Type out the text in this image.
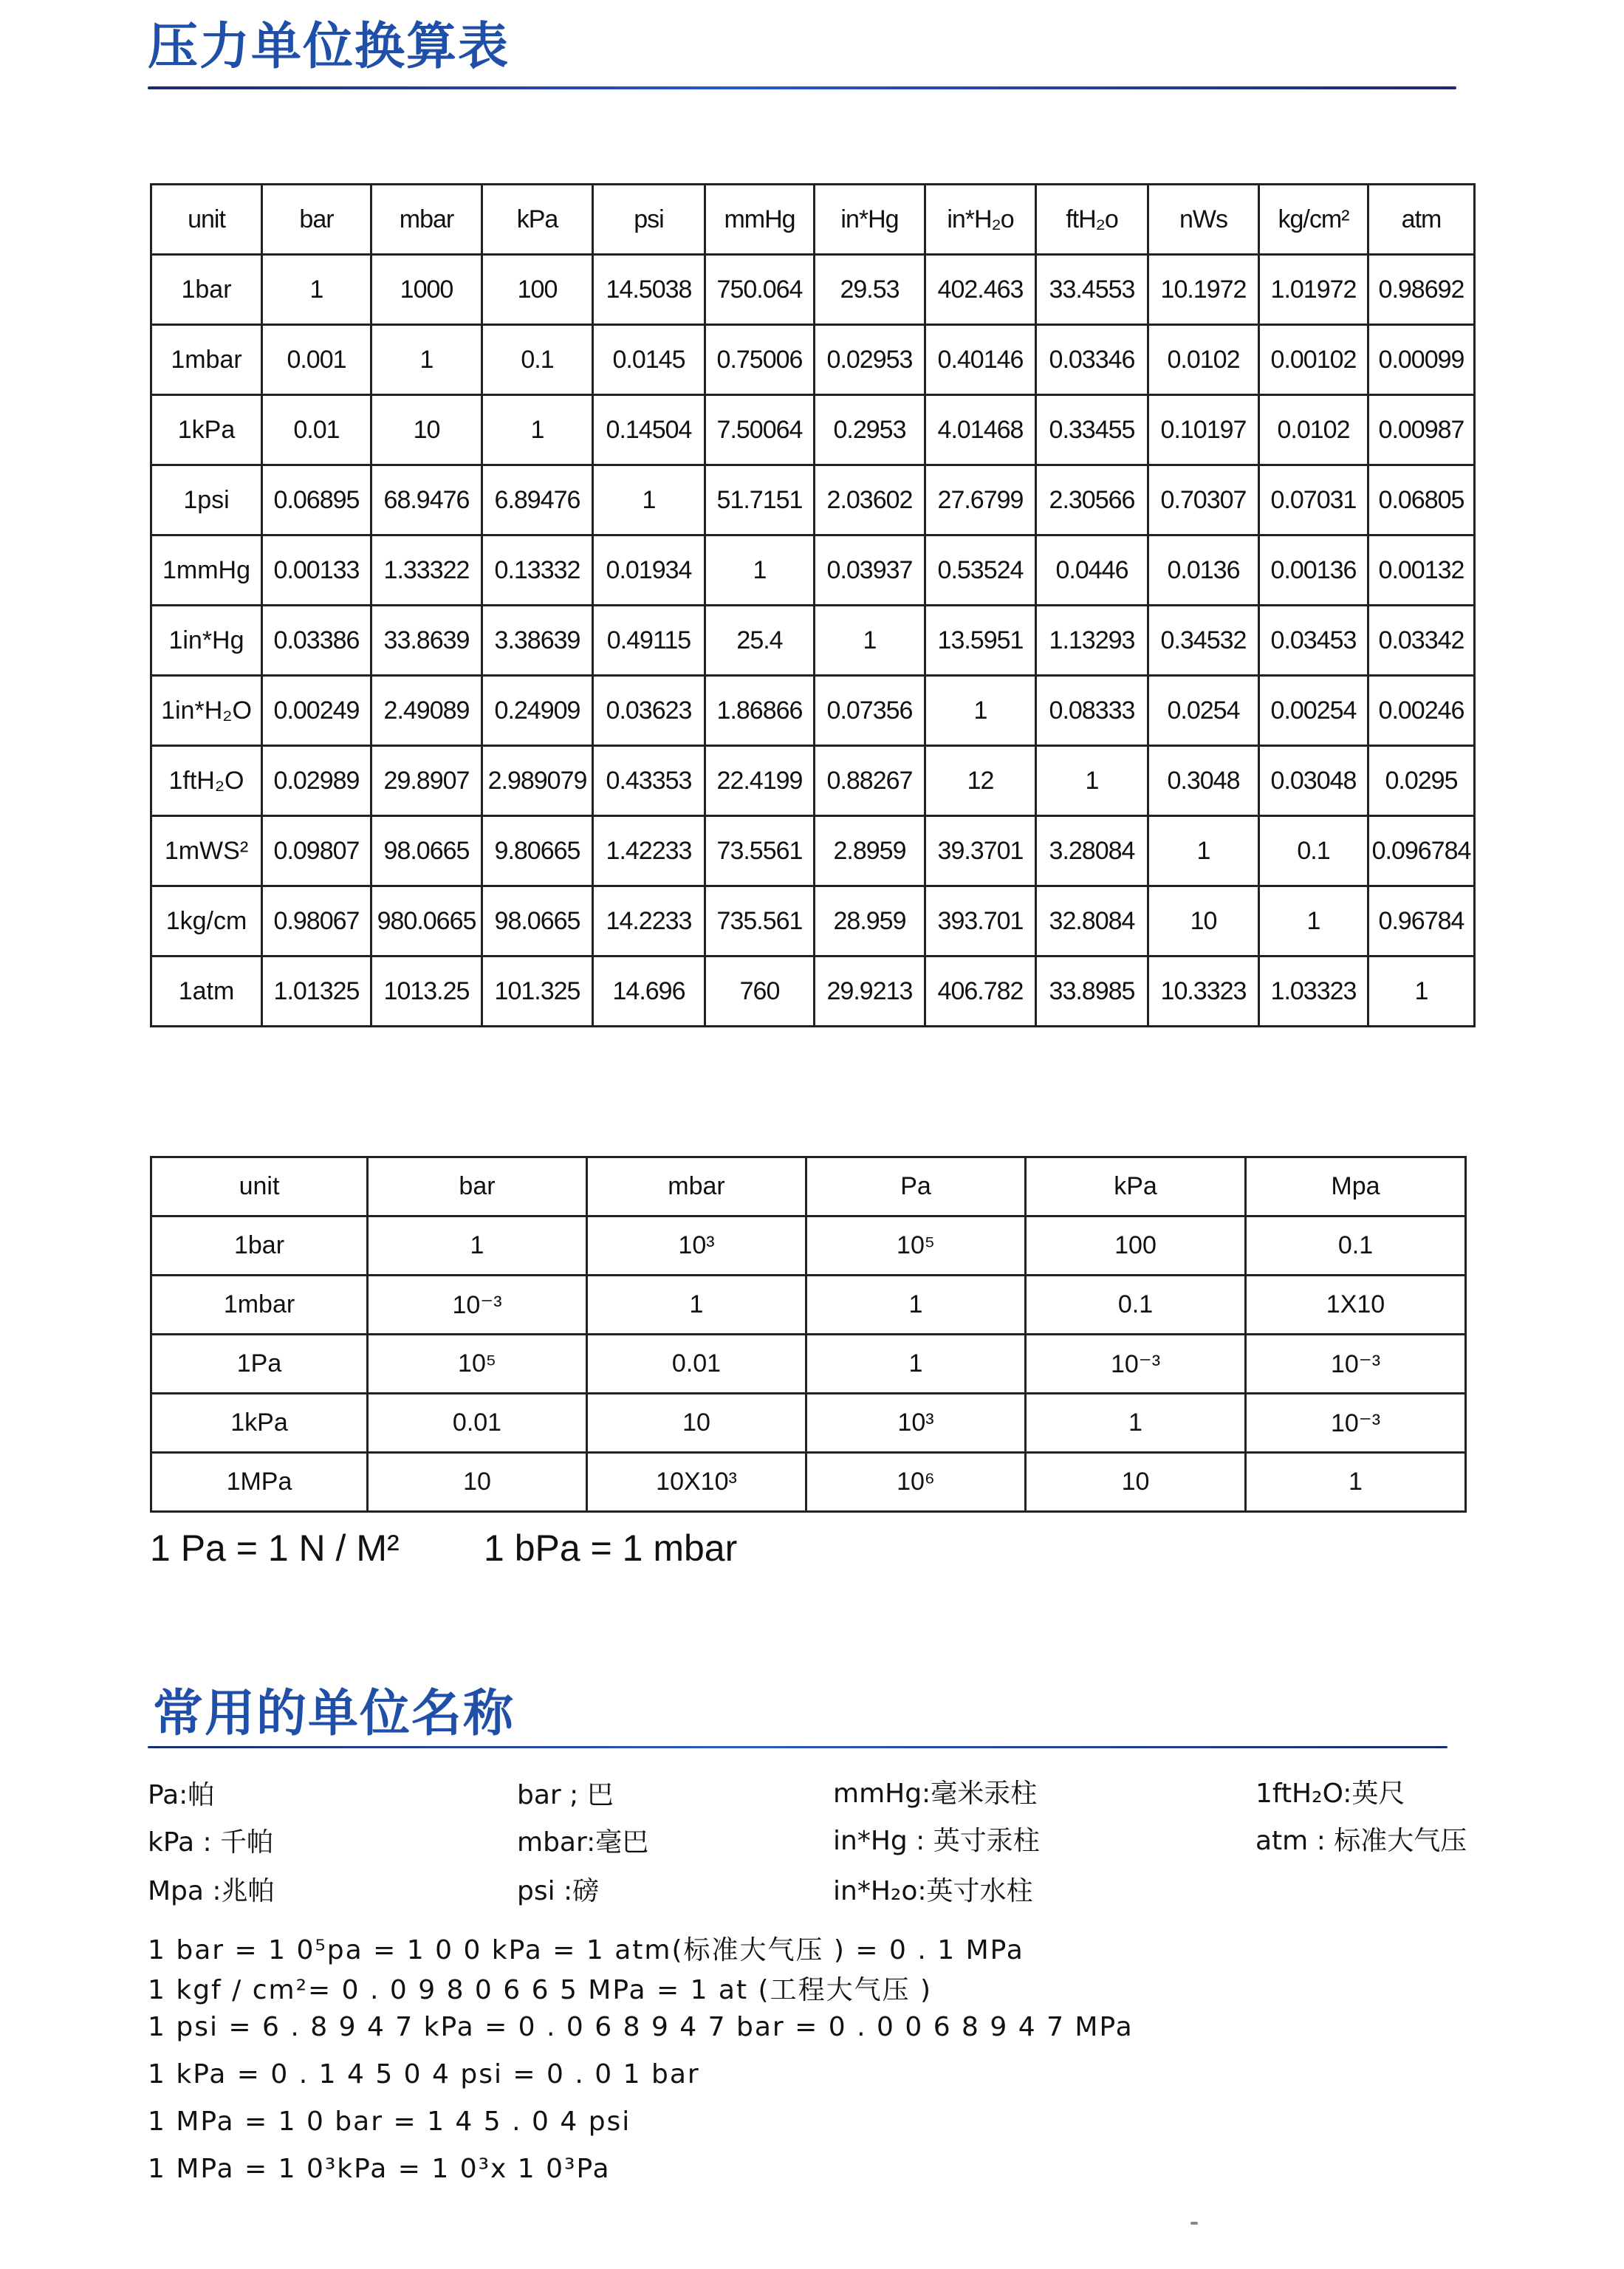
压力单位换算表
unit	bar	mbar	kPa	psi	mmHg	in*Hg	in*H₂o	ftH₂o	nWs	kg/cm²	atm
1bar	1	1000	100	14.5038	750.064	29.53	402.463	33.4553	10.1972	1.01972	0.98692
1mbar	0.001	1	0.1	0.0145	0.75006	0.02953	0.40146	0.03346	0.0102	0.00102	0.00099
1kPa	0.01	10	1	0.14504	7.50064	0.2953	4.01468	0.33455	0.10197	0.0102	0.00987
1psi	0.06895	68.9476	6.89476	1	51.7151	2.03602	27.6799	2.30566	0.70307	0.07031	0.06805
1mmHg	0.00133	1.33322	0.13332	0.01934	1	0.03937	0.53524	0.0446	0.0136	0.00136	0.00132
1in*Hg	0.03386	33.8639	3.38639	0.49115	25.4	1	13.5951	1.13293	0.34532	0.03453	0.03342
1in*H₂O	0.00249	2.49089	0.24909	0.03623	1.86866	0.07356	1	0.08333	0.0254	0.00254	0.00246
1ftH₂O	0.02989	29.8907	2.989079	0.43353	22.4199	0.88267	12	1	0.3048	0.03048	0.0295
1mWS²	0.09807	98.0665	9.80665	1.42233	73.5561	2.8959	39.3701	3.28084	1	0.1	0.096784
1kg/cm	0.98067	980.0665	98.0665	14.2233	735.561	28.959	393.701	32.8084	10	1	0.96784
1atm	1.01325	1013.25	101.325	14.696	760	29.9213	406.782	33.8985	10.3323	1.03323	1
unit	bar	mbar	Pa	kPa	Mpa
1bar	1	10³	10⁵	100	0.1
1mbar	10⁻³	1	1	0.1	1X10
1Pa	10⁵	0.01	1	10⁻³	10⁻³
1kPa	0.01	10	10³	1	10⁻³
1MPa	10	10X10³	10⁶	10	1
1 Pa = 1 N / M² 1 bPa = 1 mbar
常用的单位名称
Pa:帕
kPa : 千帕
Mpa :兆帕
bar ; 巴
mbar:毫巴
psi :磅
mmHg:毫米汞柱
in*Hg : 英寸汞柱
in*H₂o:英寸水柱
1ftH₂O:英尺
atm : 标准大气压
1 bar = 1 0⁵pa = 1 0 0 kPa = 1 atm(标准大气压 ) = 0 . 1 MPa
1 kgf / cm²= 0 . 0 9 8 0 6 6 5 MPa = 1 at (工程大气压 )
1 psi = 6 . 8 9 4 7 kPa = 0 . 0 6 8 9 4 7 bar = 0 . 0 0 6 8 9 4 7 MPa
1 kPa = 0 . 1 4 5 0 4 psi = 0 . 0 1 bar
1 MPa = 1 0 bar = 1 4 5 . 0 4 psi
1 MPa = 1 0³kPa = 1 0³x 1 0³Pa
